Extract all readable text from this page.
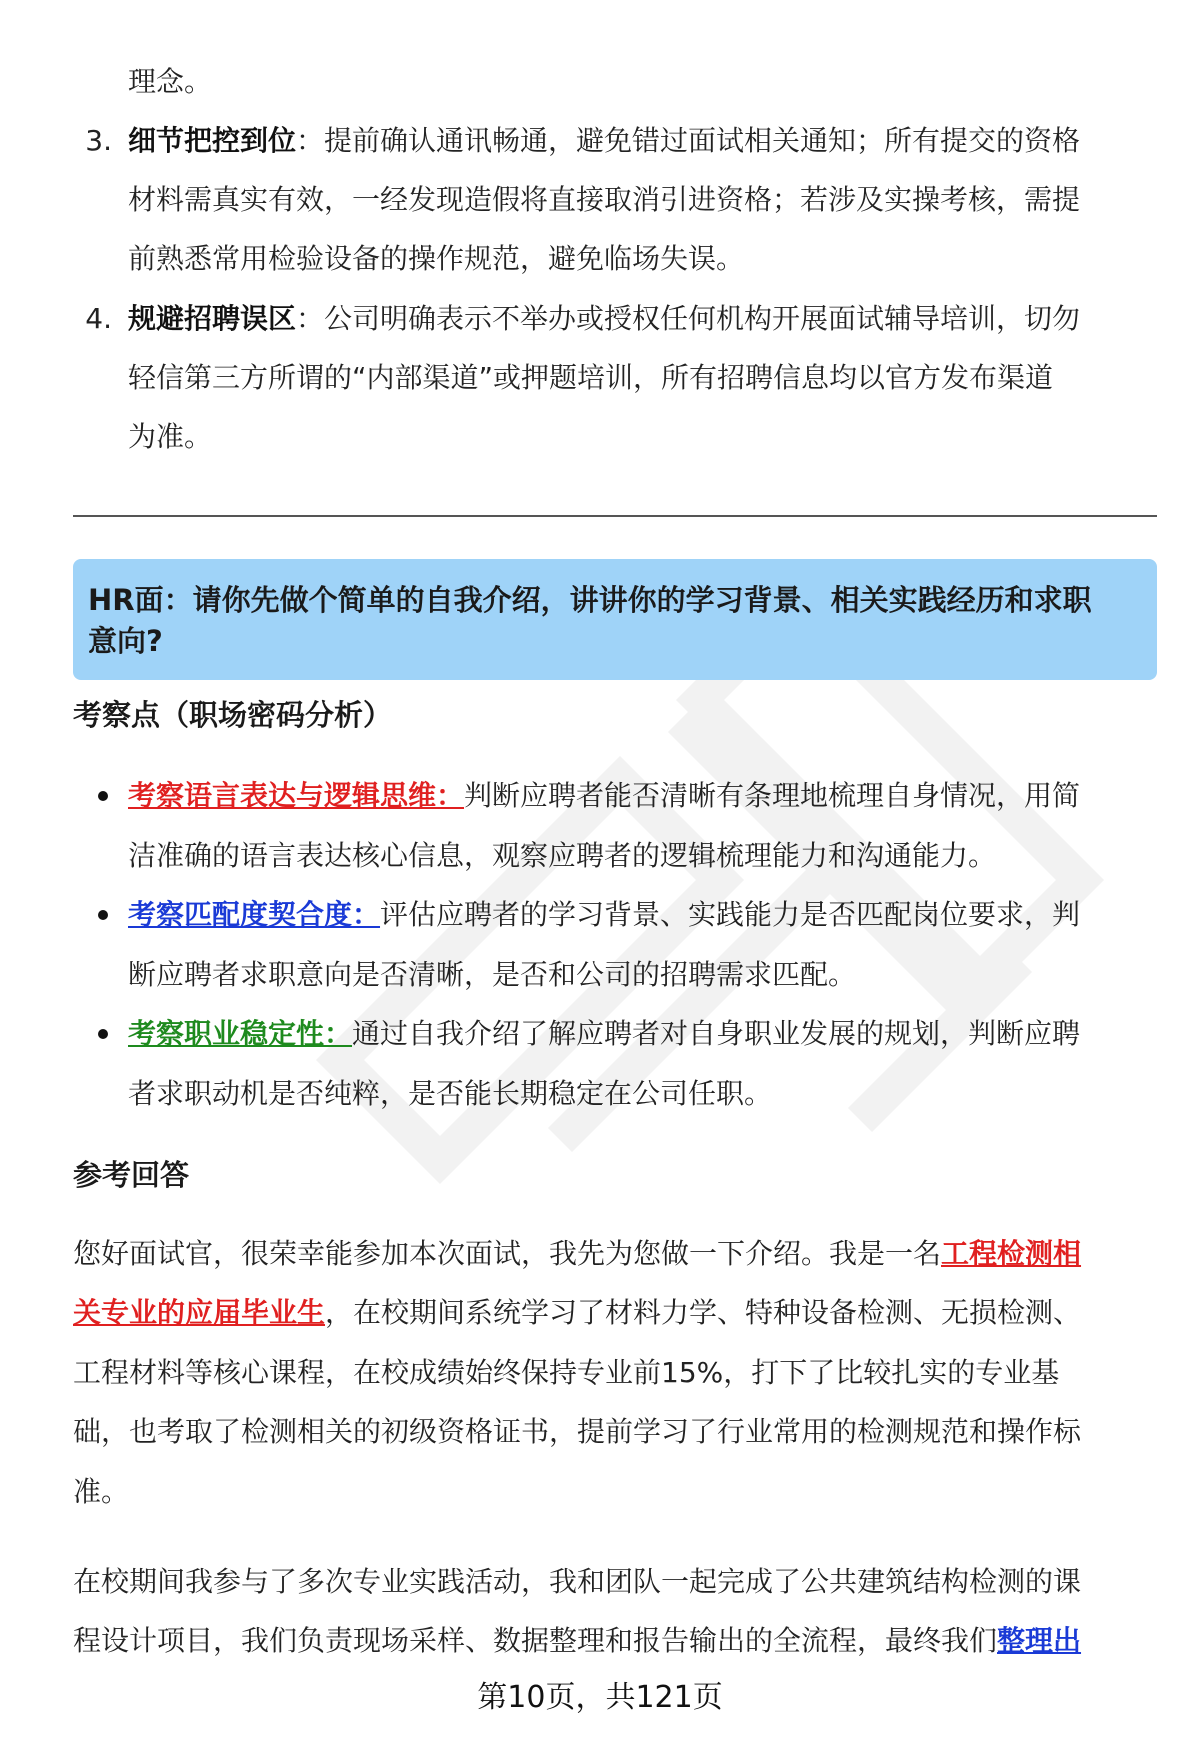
理念。
3. 细节把控到位：提前确认通讯畅通，避免错过面试相关通知；所有提交的资格
材料需真实有效，一经发现造假将直接取消引进资格；若涉及实操考核，需提
前熟悉常用检验设备的操作规范，避免临场失误。
4. 规避招聘误区：公司明确表示不举办或授权任何机构开展面试辅导培训，切勿
轻信第三方所谓的“内部渠道”或押题培训，所有招聘信息均以官方发布渠道
为准。
HR面：请你先做个简单的自我介绍，讲讲你的学习背景、相关实践经历和求职
意向?
考察点（职场密码分析）
考察语言表达与逻辑思维：判断应聘者能否清晰有条理地梳理自身情况，用简
洁准确的语言表达核心信息，观察应聘者的逻辑梳理能力和沟通能力。
考察匹配度契合度：评估应聘者的学习背景、实践能力是否匹配岗位要求，判
断应聘者求职意向是否清晰，是否和公司的招聘需求匹配。
考察职业稳定性：通过自我介绍了解应聘者对自身职业发展的规划，判断应聘
者求职动机是否纯粹，是否能长期稳定在公司任职。
参考回答
您好面试官，很荣幸能参加本次面试，我先为您做一下介绍。我是一名工程检测相
关专业的应届毕业生，在校期间系统学习了材料力学、特种设备检测、无损检测、
工程材料等核心课程，在校成绩始终保持专业前15%，打下了比较扎实的专业基
础，也考取了检测相关的初级资格证书，提前学习了行业常用的检测规范和操作标
准。
在校期间我参与了多次专业实践活动，我和团队一起完成了公共建筑结构检测的课
程设计项目，我们负责现场采样、数据整理和报告输出的全流程，最终我们整理出
第10页，共121页
